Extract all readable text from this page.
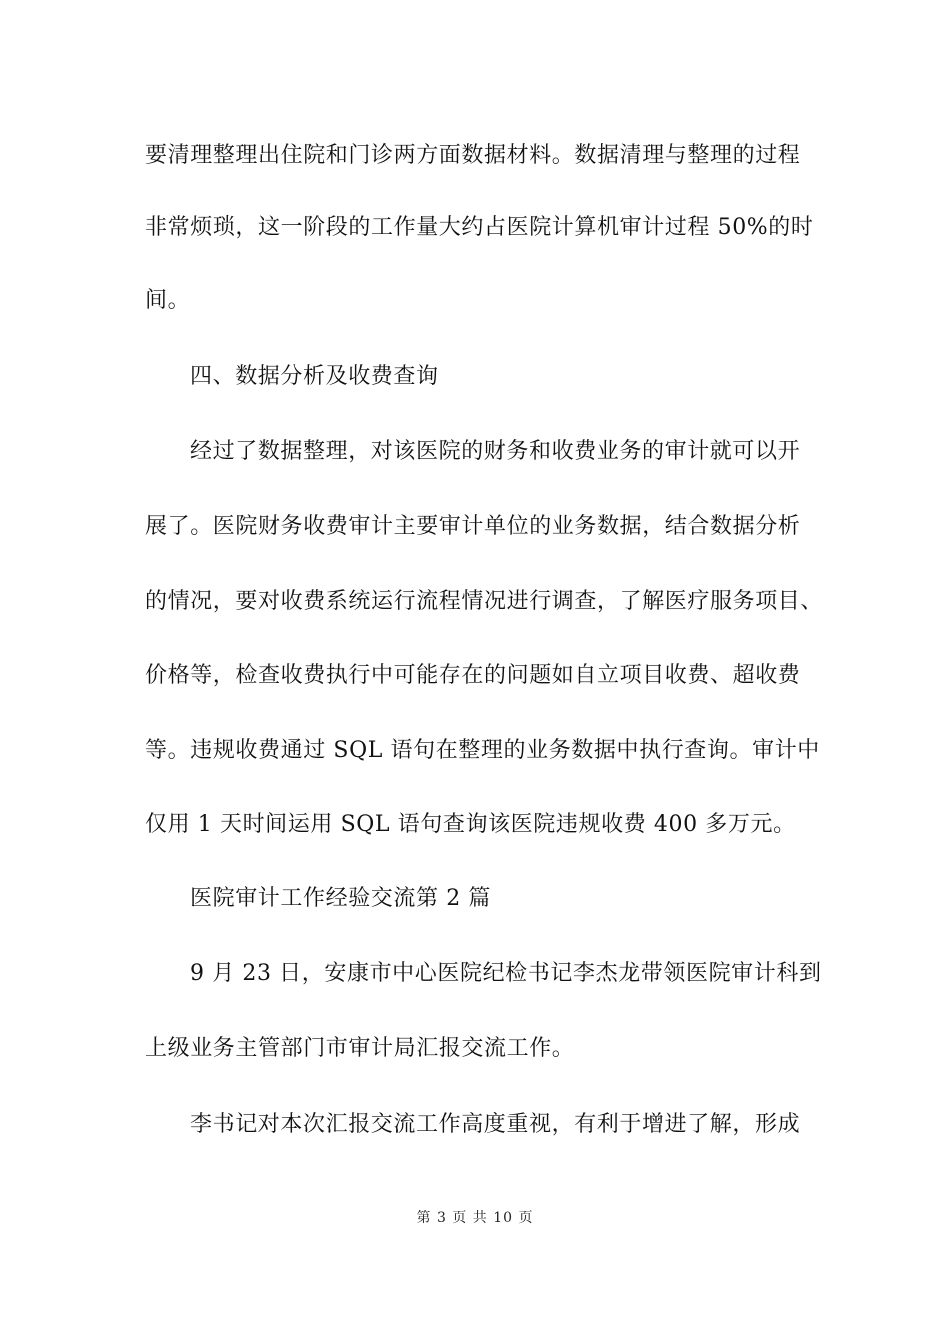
要清理整理出住院和门诊两方面数据材料。数据清理与整理的过程
非常烦琐，这一阶段的工作量大约占医院计算机审计过程 50%的时
间。
四、数据分析及收费查询
经过了数据整理，对该医院的财务和收费业务的审计就可以开
展了。医院财务收费审计主要审计单位的业务数据，结合数据分析
的情况，要对收费系统运行流程情况进行调查，了解医疗服务项目、
价格等，检查收费执行中可能存在的问题如自立项目收费、超收费
等。违规收费通过 SQL 语句在整理的业务数据中执行查询。审计中
仅用 1 天时间运用 SQL 语句查询该医院违规收费 400 多万元。
医院审计工作经验交流第 2 篇
9 月 23 日，安康市中心医院纪检书记李杰龙带领医院审计科到
上级业务主管部门市审计局汇报交流工作。
李书记对本次汇报交流工作高度重视，有利于增进了解，形成
第 3 页 共 10 页
